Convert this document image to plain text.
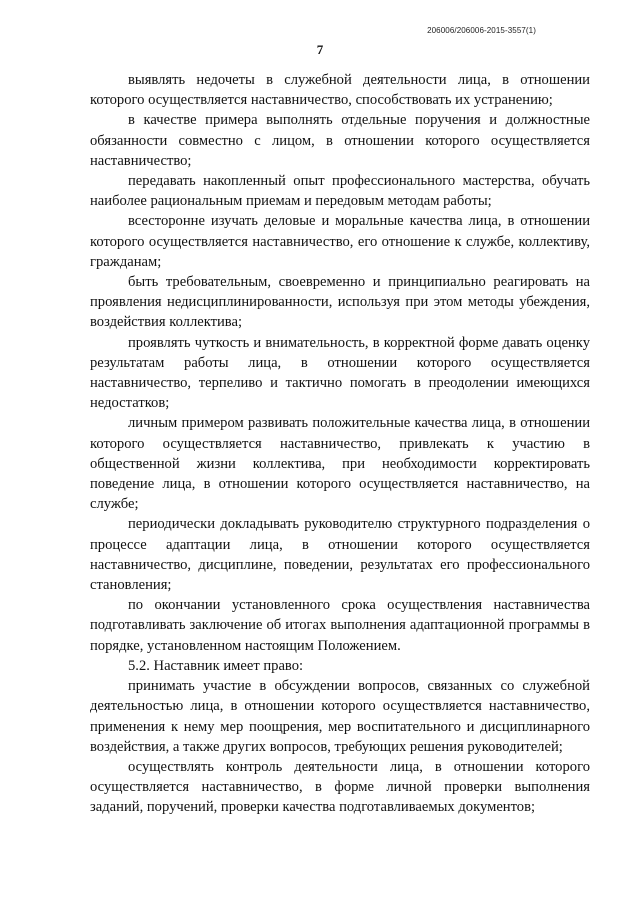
206006/206006-2015-3557(1)
7

выявлять недочеты в служебной деятельности лица, в отношении которого осуществляется наставничество, способствовать их устранению;

в качестве примера выполнять отдельные поручения и должностные обязанности совместно с лицом, в отношении которого осуществляется наставничество;

передавать накопленный опыт профессионального мастерства, обучать наиболее рациональным приемам и передовым методам работы;

всесторонне изучать деловые и моральные качества лица, в отношении которого осуществляется наставничество, его отношение к службе, коллективу, гражданам;

быть требовательным, своевременно и принципиально реагировать на проявления недисциплинированности, используя при этом методы убеждения, воздействия коллектива;

проявлять чуткость и внимательность, в корректной форме давать оценку результатам работы лица, в отношении которого осуществляется наставничество, терпеливо и тактично помогать в преодолении имеющихся недостатков;

личным примером развивать положительные качества лица, в отношении которого осуществляется наставничество, привлекать к участию в общественной жизни коллектива, при необходимости корректировать поведение лица, в отношении которого осуществляется наставничество, на службе;

периодически докладывать руководителю структурного подразделения о процессе адаптации лица, в отношении которого осуществляется наставничество, дисциплине, поведении, результатах его профессионального становления;

по окончании установленного срока осуществления наставничества подготавливать заключение об итогах выполнения адаптационной программы в порядке, установленном настоящим Положением.

5.2. Наставник имеет право:

принимать участие в обсуждении вопросов, связанных со служебной деятельностью лица, в отношении которого осуществляется наставничество, применения к нему мер поощрения, мер воспитательного и дисциплинарного воздействия, а также других вопросов, требующих решения руководителей;

осуществлять контроль деятельности лица, в отношении которого осуществляется наставничество, в форме личной проверки выполнения заданий, поручений, проверки качества подготавливаемых документов;
